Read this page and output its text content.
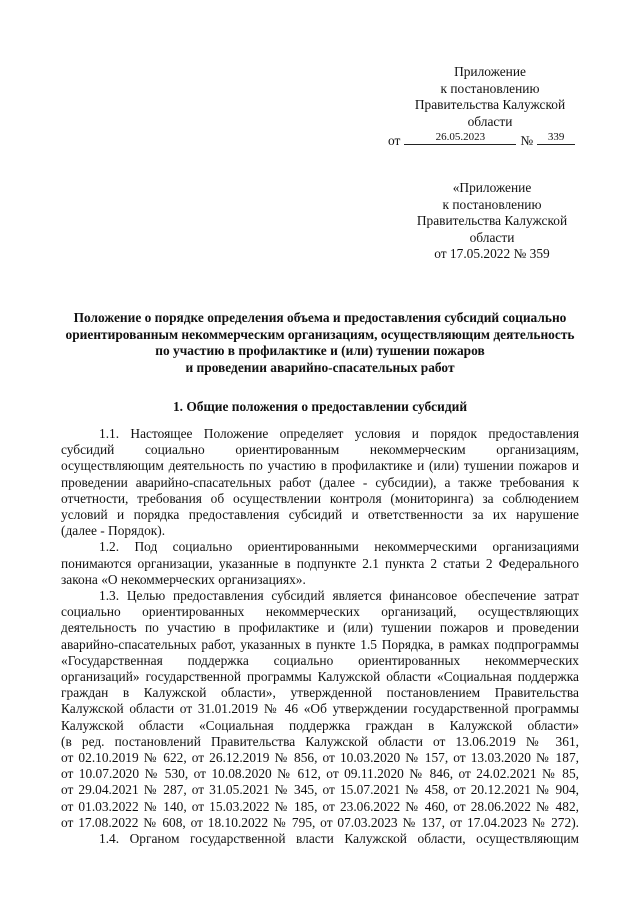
Приложение
к постановлению
Правительства Калужской
области
от	26.05.2023	№	339
«Приложение
к постановлению
Правительства Калужской
области
от 17.05.2022 № 359
Положение о порядке определения объема и предоставления субсидий социально
ориентированным некоммерческим организациям, осуществляющим деятельность
по участию в профилактике и (или) тушении пожаров
и проведении аварийно-спасательных работ
1. Общие положения о предоставлении субсидий
1.1. Настоящее Положение определяет условия и порядок предоставления
субсидий социально ориентированным некоммерческим организациям,
осуществляющим деятельность по участию в профилактике и (или) тушении пожаров и
проведении аварийно-спасательных работ (далее - субсидии), а также требования к
отчетности, требования об осуществлении контроля (мониторинга) за соблюдением
условий и порядка предоставления субсидий и ответственности за их нарушение
(далее - Порядок).
1.2. Под социально ориентированными некоммерческими организациями
понимаются организации, указанные в подпункте 2.1 пункта 2 статьи 2 Федерального
закона «О некоммерческих организациях».
1.3. Целью предоставления субсидий является финансовое обеспечение затрат
социально ориентированных некоммерческих организаций, осуществляющих
деятельность по участию в профилактике и (или) тушении пожаров и проведении
аварийно-спасательных работ, указанных в пункте 1.5 Порядка, в рамках подпрограммы
«Государственная поддержка социально ориентированных некоммерческих
организаций» государственной программы Калужской области «Социальная поддержка
граждан в Калужской области», утвержденной постановлением Правительства
Калужской области от 31.01.2019 № 46 «Об утверждении государственной программы
Калужской области «Социальная поддержка граждан в Калужской области»
(в ред. постановлений Правительства Калужской области от 13.06.2019 № 361,
от 02.10.2019 № 622, от 26.12.2019 № 856, от 10.03.2020 № 157, от 13.03.2020 № 187,
от 10.07.2020 № 530, от 10.08.2020 № 612, от 09.11.2020 № 846, от 24.02.2021 № 85,
от 29.04.2021 № 287, от 31.05.2021 № 345, от 15.07.2021 № 458, от 20.12.2021 № 904,
от 01.03.2022 № 140, от 15.03.2022 № 185, от 23.06.2022 № 460, от 28.06.2022 № 482,
от 17.08.2022 № 608, от 18.10.2022 № 795, от 07.03.2023 № 137, от 17.04.2023 № 272).
1.4. Органом государственной власти Калужской области, осуществляющим
